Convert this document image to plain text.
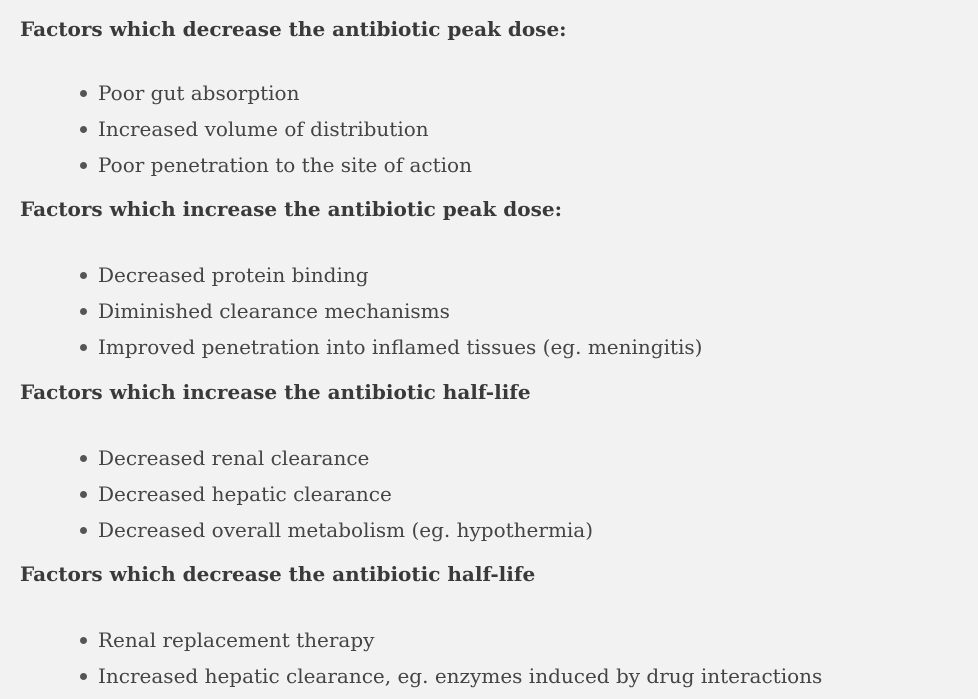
Factors which decrease the antibiotic peak dose:

Poor gut absorption
Increased volume of distribution
Poor penetration to the site of action

Factors which increase the antibiotic peak dose:

Decreased protein binding
Diminished clearance mechanisms
Improved penetration into inflamed tissues (eg. meningitis)

Factors which increase the antibiotic half-life

Decreased renal clearance
Decreased hepatic clearance
Decreased overall metabolism (eg. hypothermia)

Factors which decrease the antibiotic half-life

Renal replacement therapy
Increased hepatic clearance, eg. enzymes induced by drug interactions
